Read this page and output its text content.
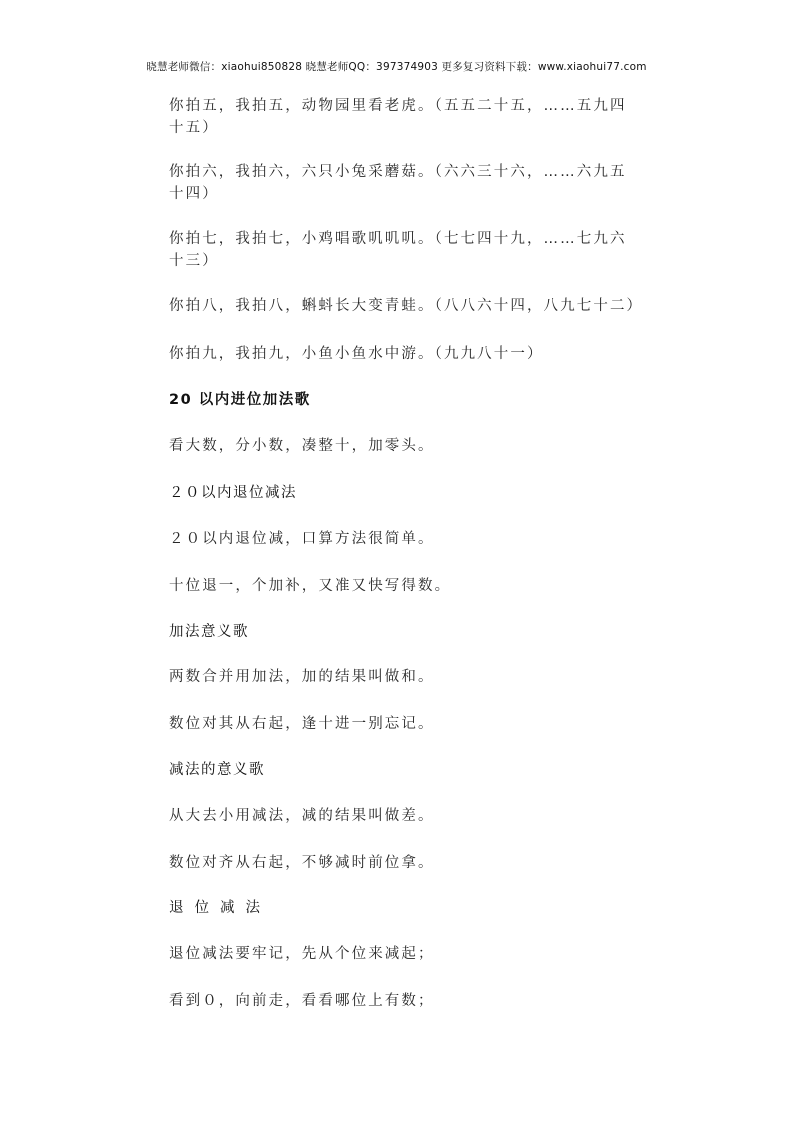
晓慧老师微信：xiaohui850828 晓慧老师QQ：397374903 更多复习资料下载：www.xiaohui77.com
你拍五，我拍五，动物园里看老虎。（五五二十五，……五九四十五）
你拍六，我拍六，六只小兔采蘑菇。（六六三十六，……六九五十四）
你拍七，我拍七，小鸡唱歌叽叽叽。（七七四十九，……七九六十三）
你拍八，我拍八，蝌蚪长大变青蛙。（八八六十四，八九七十二）
你拍九，我拍九，小鱼小鱼水中游。（九九八十一）
20 以内进位加法歌
看大数，分小数，凑整十，加零头。
２０以内退位减法
２０以内退位减，口算方法很简单。
十位退一，个加补，又准又快写得数。
加法意义歌
两数合并用加法，加的结果叫做和。
数位对其从右起，逢十进一别忘记。
减法的意义歌
从大去小用减法，减的结果叫做差。
数位对齐从右起，不够减时前位拿。
退位减法
退位减法要牢记，先从个位来减起；
看到０，向前走，看看哪位上有数；
